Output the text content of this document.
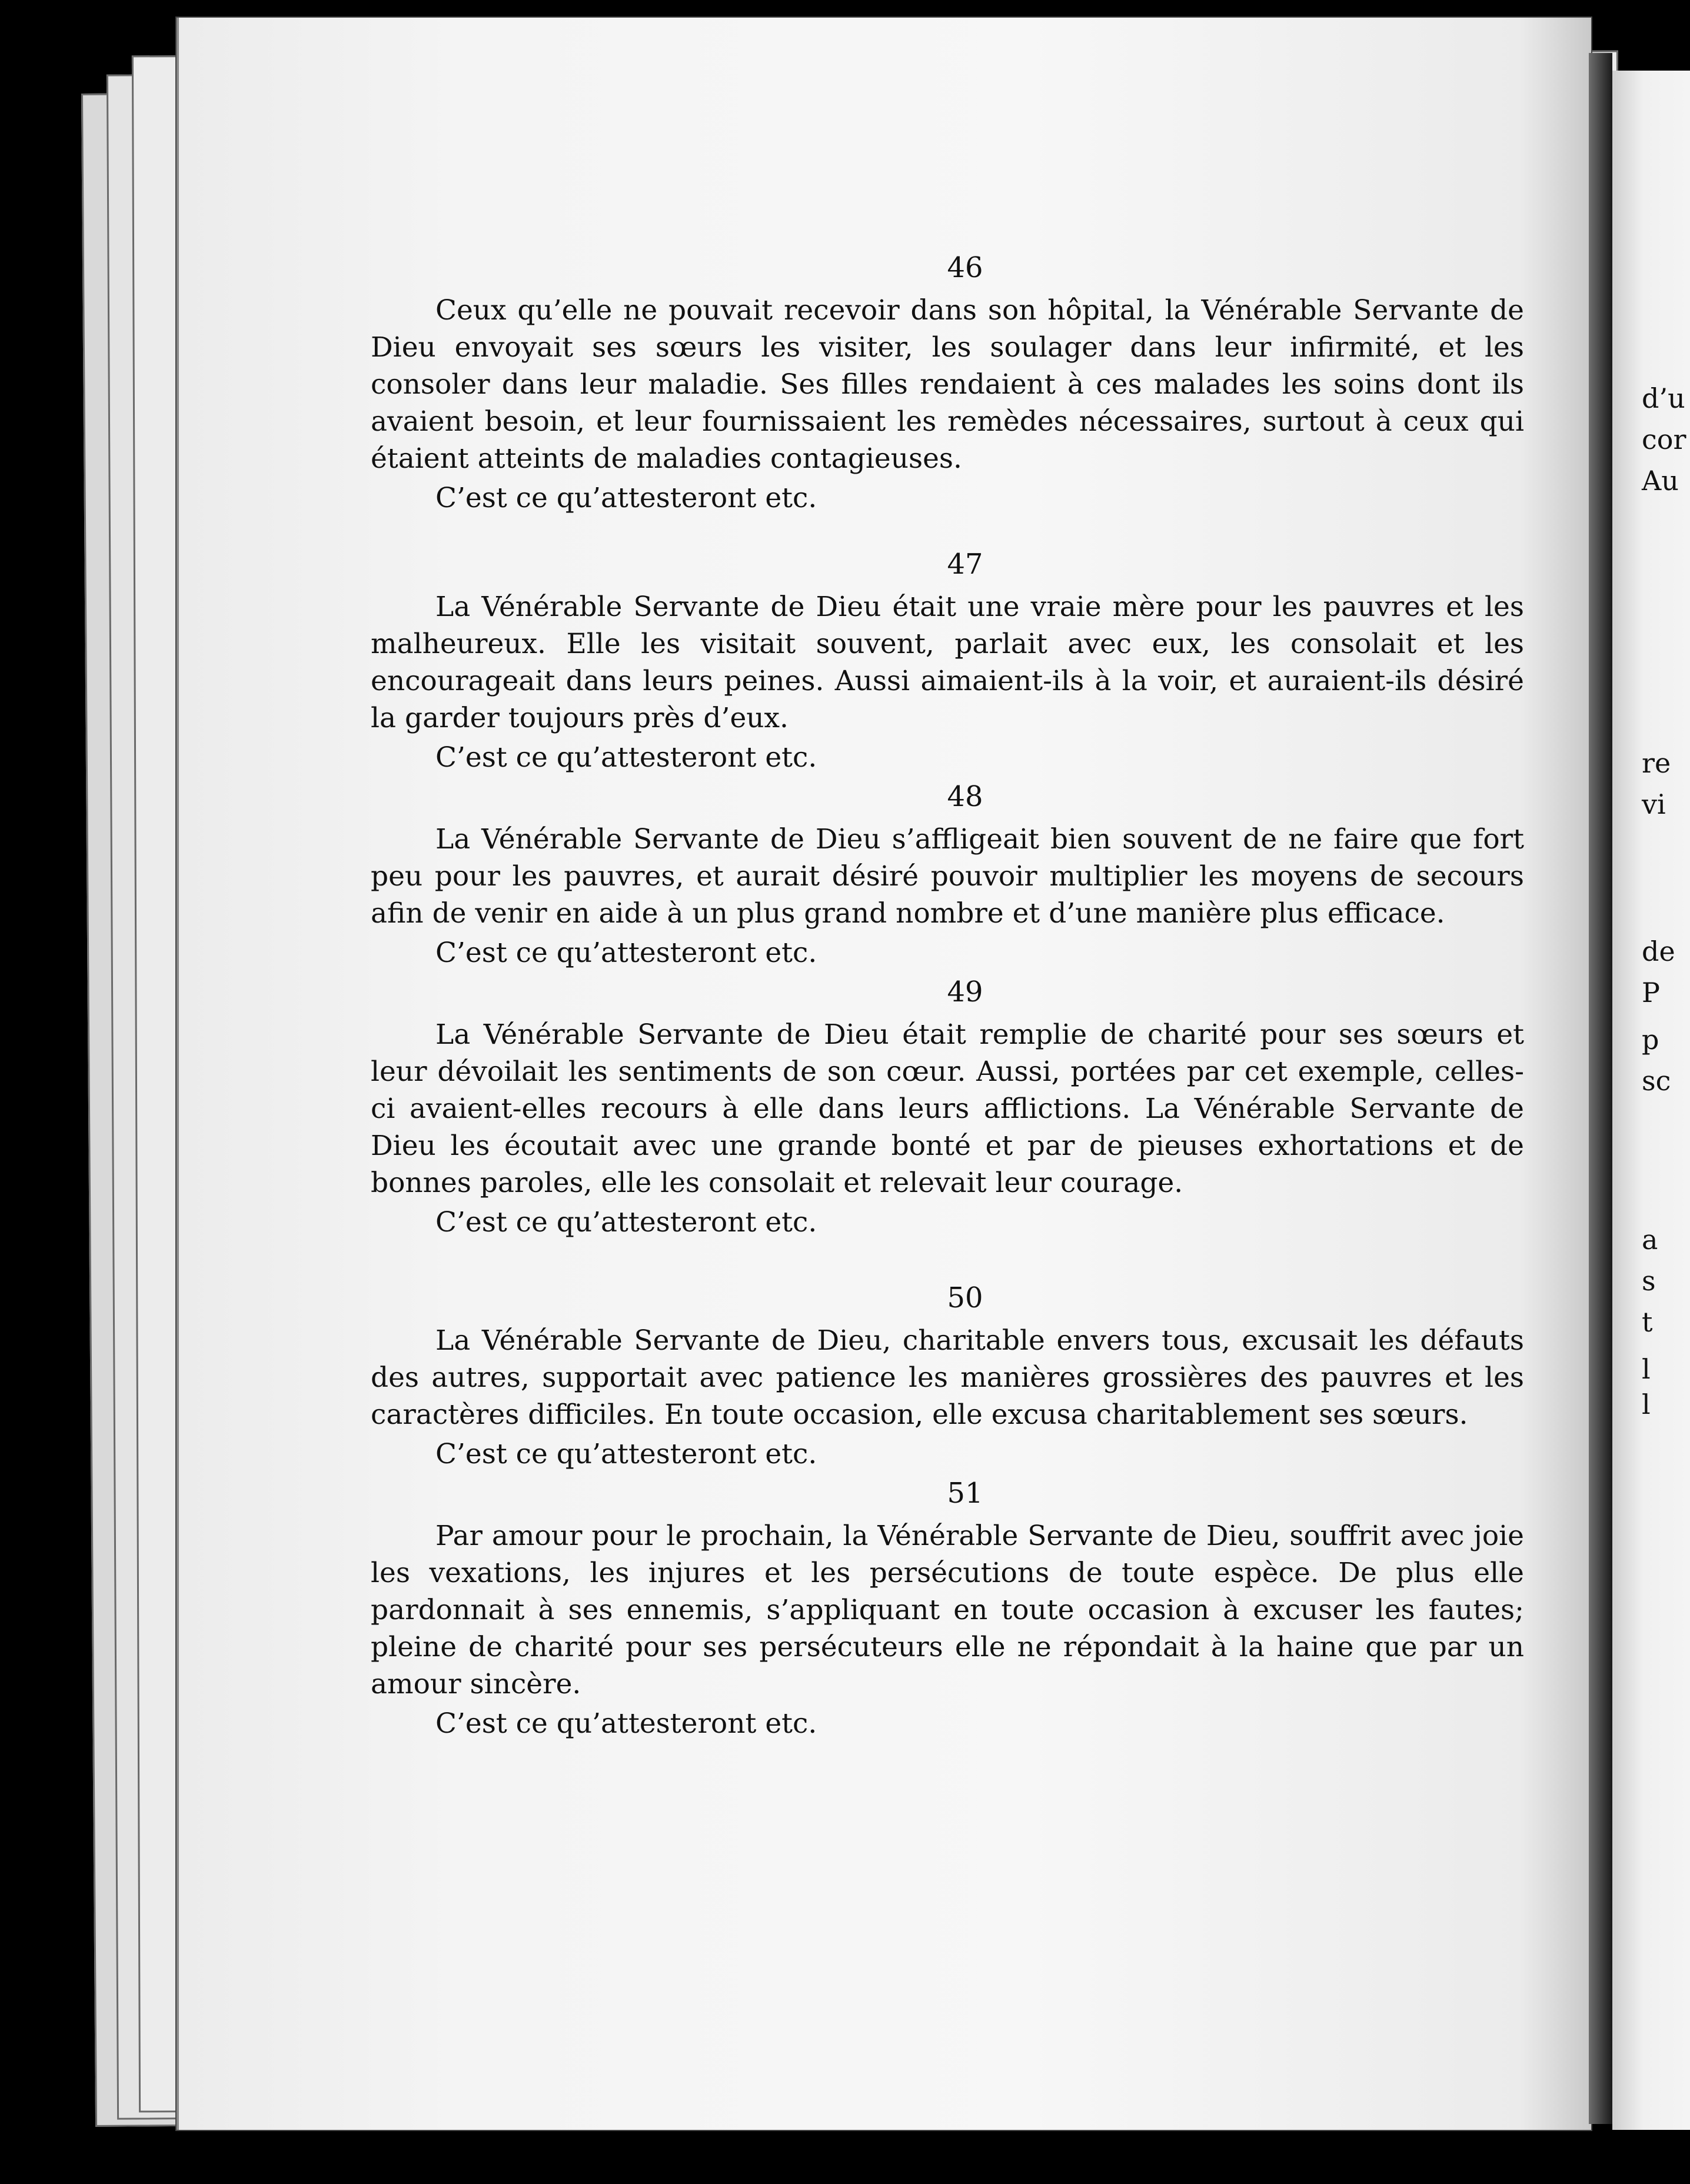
d’u
cor
Au
re
vi
de
P
p
sc
a
s
t
l
l
46

Ceux qu’elle ne pouvait recevoir dans son hôpital, la Vénérable Servante de Dieu envoyait ses sœurs les visiter, les soulager dans leur infirmité, et les consoler dans leur maladie. Ses filles rendaient à ces malades les soins dont ils avaient besoin, et leur fournissaient les remèdes nécessaires, surtout à ceux qui étaient atteints de maladies contagieuses.

C’est ce qu’attesteront etc.

47

La Vénérable Servante de Dieu était une vraie mère pour les pauvres et les malheureux. Elle les visitait souvent, parlait avec eux, les consolait et les encourageait dans leurs peines. Aussi aimaient-ils à la voir, et auraient-ils désiré la garder toujours près d’eux.

C’est ce qu’attesteront etc.

48

La Vénérable Servante de Dieu s’affligeait bien souvent de ne faire que fort peu pour les pauvres, et aurait désiré pouvoir multiplier les moyens de secours afin de venir en aide à un plus grand nombre et d’une manière plus efficace.

C’est ce qu’attesteront etc.

49

La Vénérable Servante de Dieu était remplie de charité pour ses sœurs et leur dévoilait les sentiments de son cœur. Aussi, portées par cet exemple, celles-ci avaient-elles recours à elle dans leurs afflictions. La Vénérable Servante de Dieu les écoutait avec une grande bonté et par de pieuses exhortations et de bonnes paroles, elle les consolait et relevait leur courage.

C’est ce qu’attesteront etc.

50

La Vénérable Servante de Dieu, charitable envers tous, excusait les défauts des autres, supportait avec patience les manières grossières des pauvres et les caractères difficiles. En toute occasion, elle excusa charitablement ses sœurs.

C’est ce qu’attesteront etc.

51

Par amour pour le prochain, la Vénérable Servante de Dieu, souffrit avec joie les vexations, les injures et les persécutions de toute espèce. De plus elle pardonnait à ses ennemis, s’appliquant en toute occasion à excuser les fautes; pleine de charité pour ses persécuteurs elle ne répondait à la haine que par un amour sincère.

C’est ce qu’attesteront etc.
